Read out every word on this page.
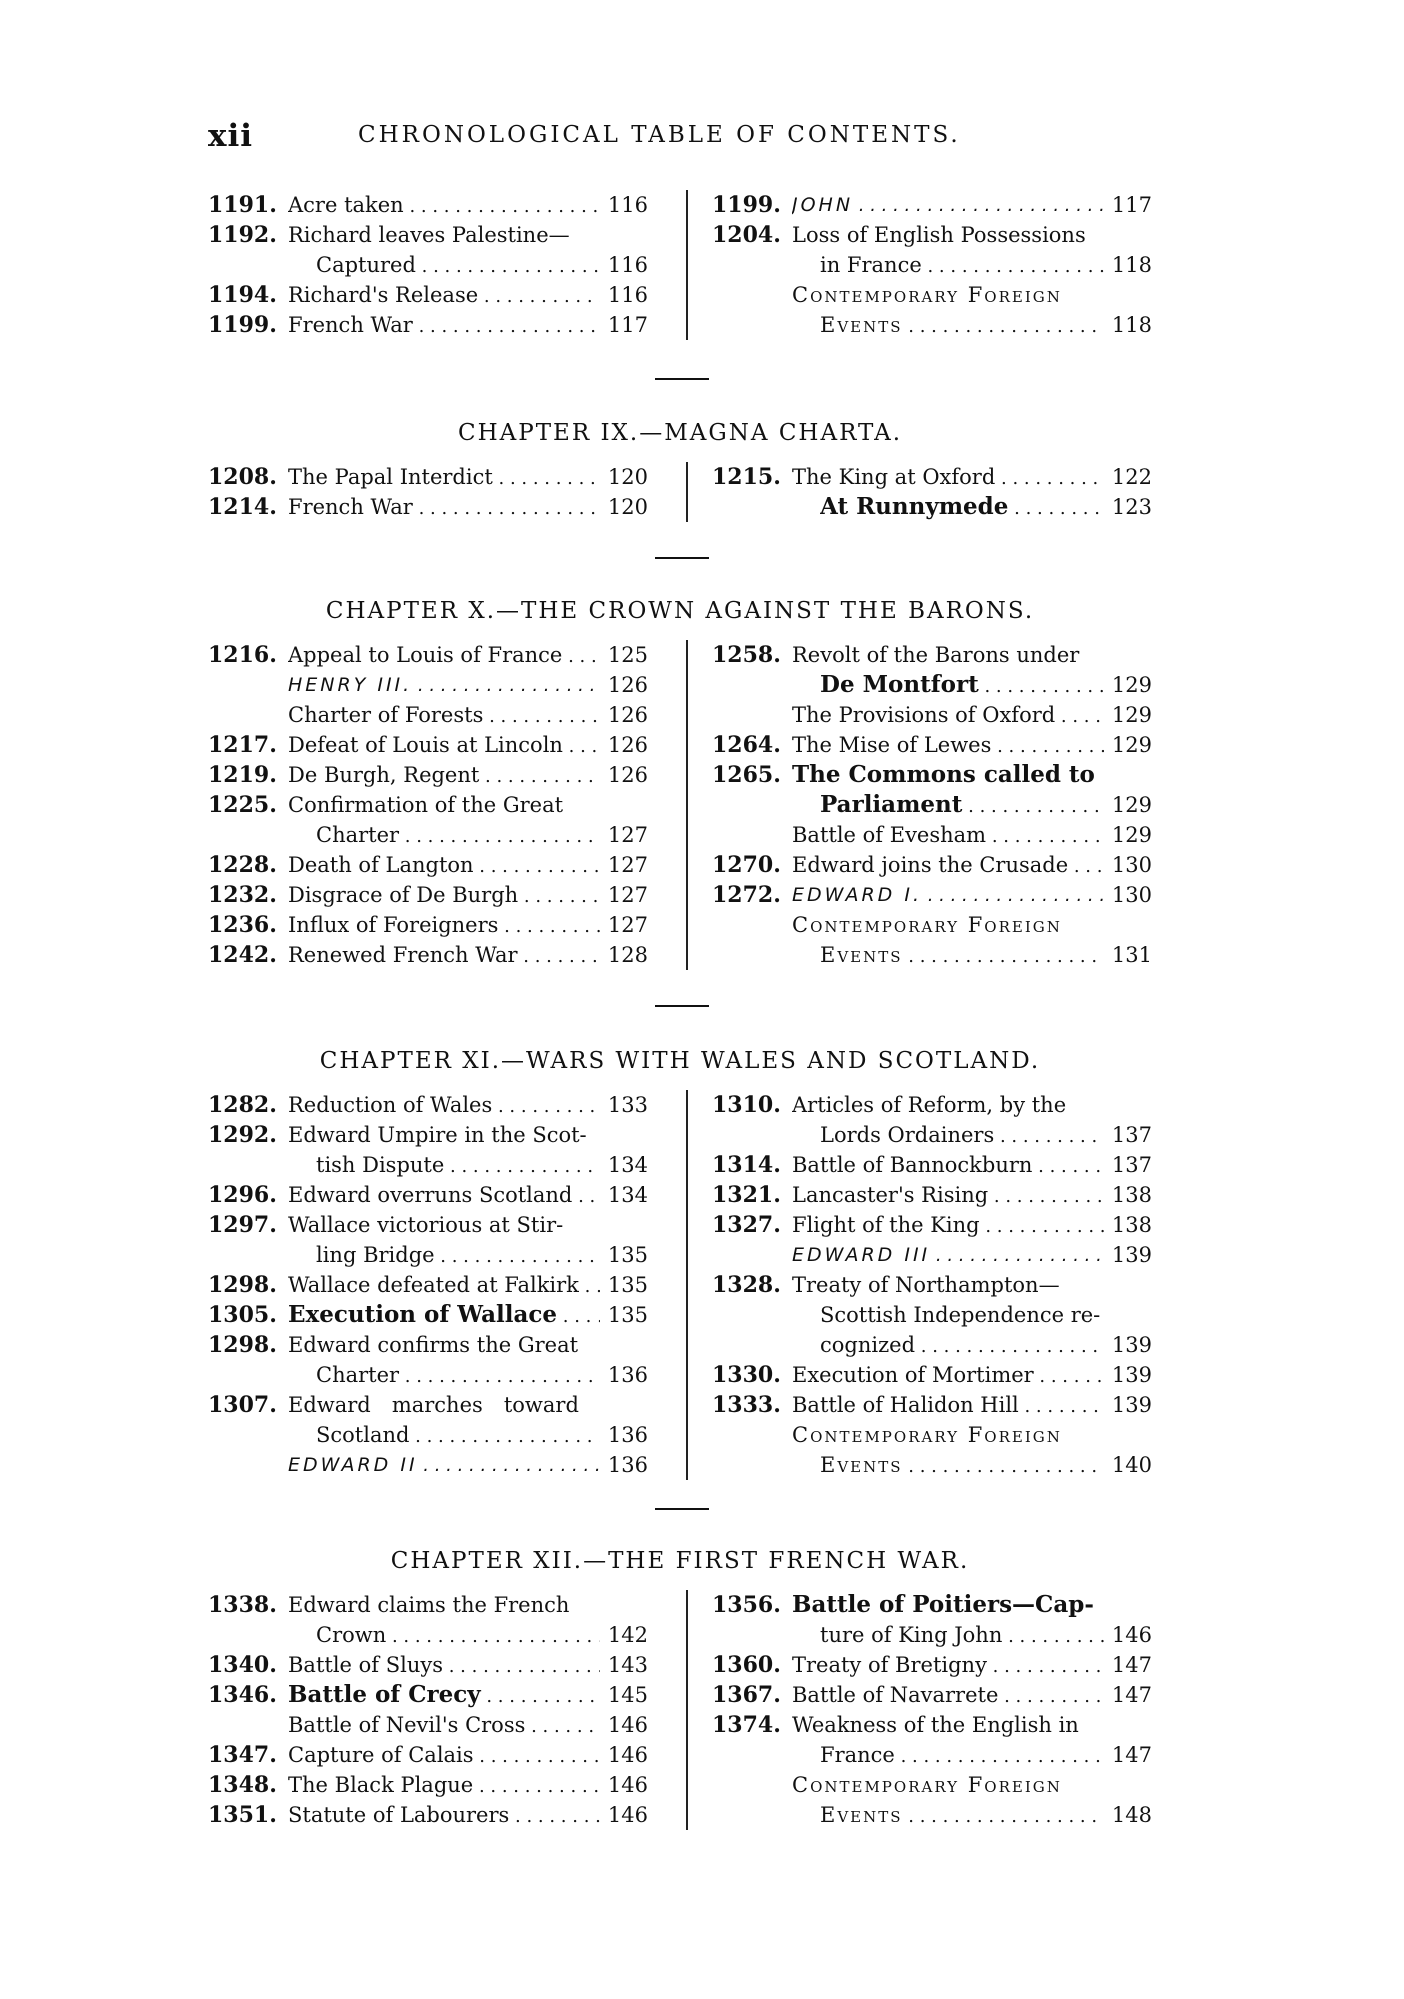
xii	CHRONOLOGICAL TABLE OF CONTENTS.
1191. Acre taken . . .	116
1192. Richard leaves Palestine—
Captured . . .	116
1194. Richard's Release . . .	116
1199. French War . . .	117
1199. JOHN . . .	117
1204. Loss of English Possessions
in France . . .	118
Contemporary Foreign
Events . . .	118
CHAPTER IX.—MAGNA CHARTA.
1208. The Papal Interdict . . .	120
1214. French War . . .	120
1215. The King at Oxford . . .	122
At Runnymede . . .	123
CHAPTER X.—THE CROWN AGAINST THE BARONS.
1216. Appeal to Louis of France . . .	125
HENRY III. . . .	126
Charter of Forests . . .	126
1217. Defeat of Louis at Lincoln . . .	126
1219. De Burgh, Regent . . .	126
1225. Confirmation of the Great
Charter . . .	127
1228. Death of Langton . . .	127
1232. Disgrace of De Burgh . . .	127
1236. Influx of Foreigners . . .	127
1242. Renewed French War . . .	128
1258. Revolt of the Barons under
De Montfort . . .	129
The Provisions of Oxford . . .	129
1264. The Mise of Lewes . . .	129
1265. The Commons called to
Parliament . . .	129
Battle of Evesham . . .	129
1270. Edward joins the Crusade . . .	130
1272. EDWARD I. . . .	130
Contemporary Foreign
Events . . .	131
CHAPTER XI.—WARS WITH WALES AND SCOTLAND.
1282. Reduction of Wales . . .	133
1292. Edward Umpire in the Scot-
tish Dispute . . .	134
1296. Edward overruns Scotland . . .	134
1297. Wallace victorious at Stir-
ling Bridge . . .	135
1298. Wallace defeated at Falkirk . . .	135
1305. Execution of Wallace . . .	135
1298. Edward confirms the Great
Charter . . .	136
1307. Edward marches toward
Scotland . . .	136
EDWARD II . . .	136
1310. Articles of Reform, by the
Lords Ordainers . . .	137
1314. Battle of Bannockburn . . .	137
1321. Lancaster's Rising . . .	138
1327. Flight of the King . . .	138
EDWARD III . . .	139
1328. Treaty of Northampton—
Scottish Independence re-
cognized . . .	139
1330. Execution of Mortimer . . .	139
1333. Battle of Halidon Hill . . .	139
Contemporary Foreign
Events . . .	140
CHAPTER XII.—THE FIRST FRENCH WAR.
1338. Edward claims the French
Crown . . .	142
1340. Battle of Sluys . . .	143
1346. Battle of Crecy . . .	145
Battle of Nevil's Cross . . .	146
1347. Capture of Calais . . .	146
1348. The Black Plague . . .	146
1351. Statute of Labourers . . .	146
1356. Battle of Poitiers—Cap-
ture of King John . . .	146
1360. Treaty of Bretigny . . .	147
1367. Battle of Navarrete . . .	147
1374. Weakness of the English in
France . . .	147
Contemporary Foreign
Events . . .	148
